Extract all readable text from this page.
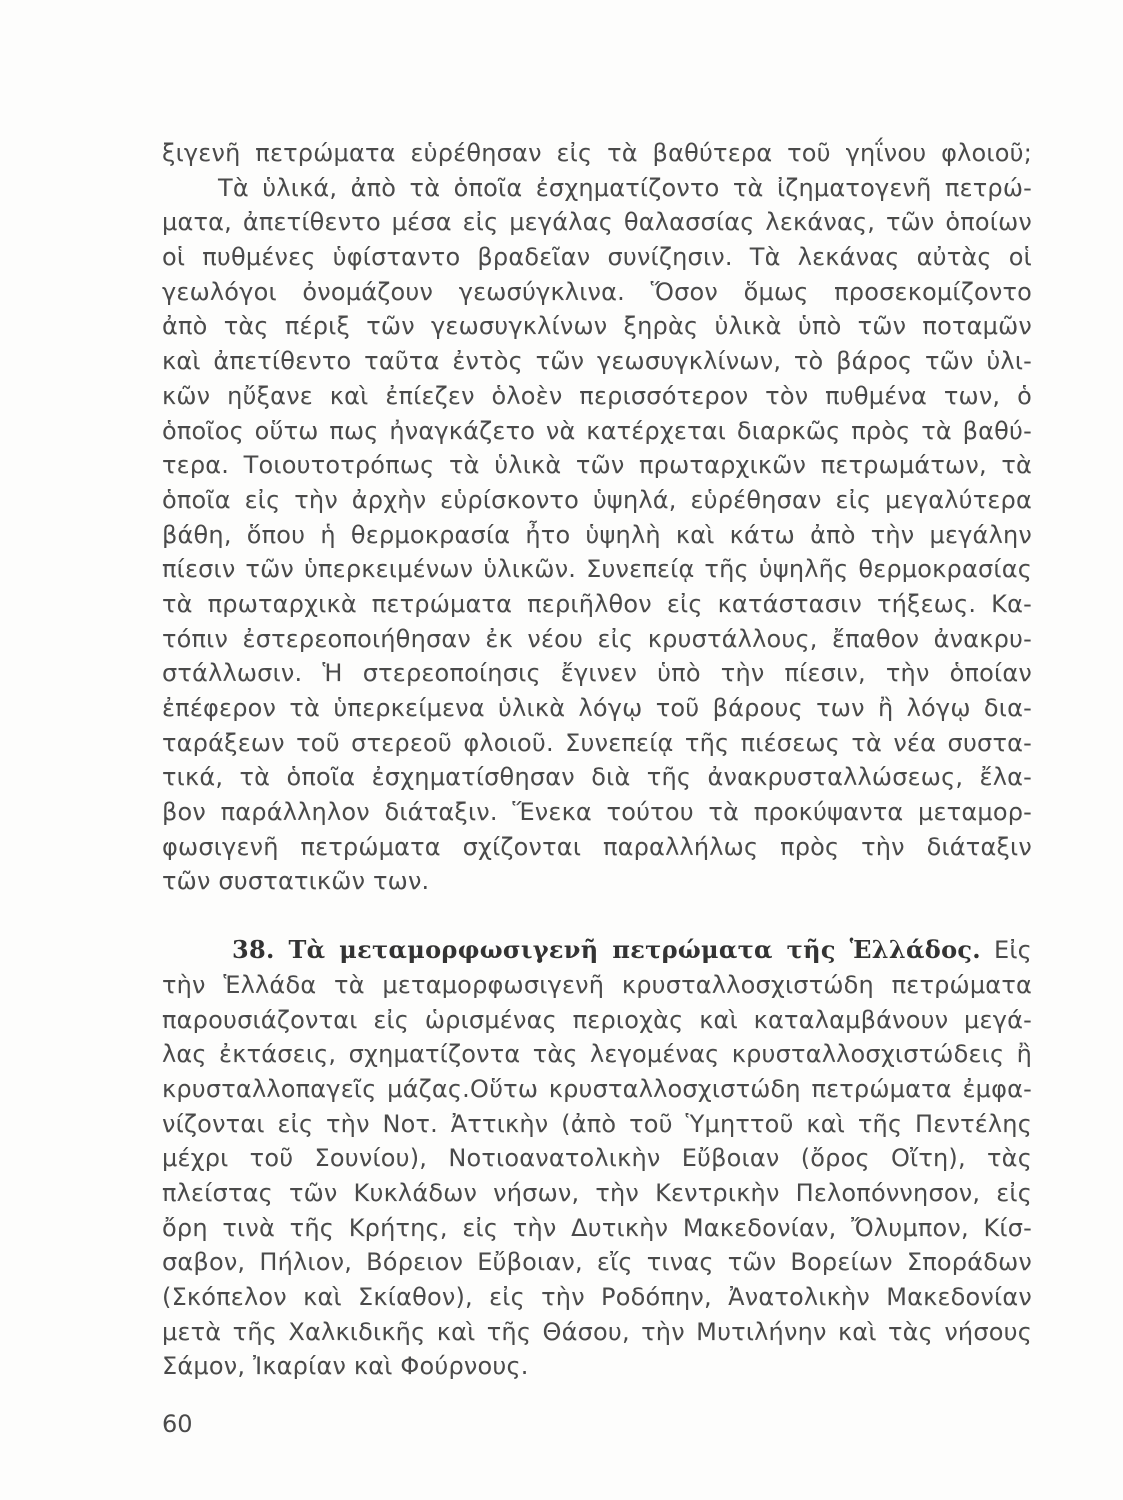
ξιγενῆ πετρώματα εὑρέθησαν εἰς τὰ βαθύτερα τοῦ γηΐνου φλοιοῦ;
Τὰ ὑλικά, ἀπὸ τὰ ὁποῖα ἐσχηματίζοντο τὰ ἰζηματογενῆ πετρώ-
ματα, ἀπετίθεντο μέσα εἰς μεγάλας θαλασσίας λεκάνας, τῶν ὁποίων
οἱ πυθμένες ὑφίσταντο βραδεῖαν συνίζησιν. Τὰ λεκάνας αὐτὰς οἱ
γεωλόγοι ὀνομάζουν γεωσύγκλινα. Ὅσον ὅμως προσεκομίζοντο
ἀπὸ τὰς πέριξ τῶν γεωσυγκλίνων ξηρὰς ὑλικὰ ὑπὸ τῶν ποταμῶν
καὶ ἀπετίθεντο ταῦτα ἐντὸς τῶν γεωσυγκλίνων, τὸ βάρος τῶν ὑλι-
κῶν ηὔξανε καὶ ἐπίεζεν ὁλοὲν περισσότερον τὸν πυθμένα των, ὁ
ὁποῖος οὕτω πως ἠναγκάζετο νὰ κατέρχεται διαρκῶς πρὸς τὰ βαθύ-
τερα. Τοιουτοτρόπως τὰ ὑλικὰ τῶν πρωταρχικῶν πετρωμάτων, τὰ
ὁποῖα εἰς τὴν ἀρχὴν εὑρίσκοντο ὑψηλά, εὑρέθησαν εἰς μεγαλύτερα
βάθη, ὅπου ἡ θερμοκρασία ἦτο ὑψηλὴ καὶ κάτω ἀπὸ τὴν μεγάλην
πίεσιν τῶν ὑπερκειμένων ὑλικῶν. Συνεπείᾳ τῆς ὑψηλῆς θερμοκρασίας
τὰ πρωταρχικὰ πετρώματα περιῆλθον εἰς κατάστασιν τήξεως. Κα-
τόπιν ἐστερεοποιήθησαν ἐκ νέου εἰς κρυστάλλους, ἔπαθον ἀνακρυ-
στάλλωσιν. Ἡ στερεοποίησις ἔγινεν ὑπὸ τὴν πίεσιν, τὴν ὁποίαν
ἐπέφερον τὰ ὑπερκείμενα ὑλικὰ λόγῳ τοῦ βάρους των ἢ λόγῳ δια-
ταράξεων τοῦ στερεοῦ φλοιοῦ. Συνεπείᾳ τῆς πιέσεως τὰ νέα συστα-
τικά, τὰ ὁποῖα ἐσχηματίσθησαν διὰ τῆς ἀνακρυσταλλώσεως, ἔλα-
βον παράλληλον διάταξιν. Ἕνεκα τούτου τὰ προκύψαντα μεταμορ-
φωσιγενῆ πετρώματα σχίζονται παραλλήλως πρὸς τὴν διάταξιν
τῶν συστατικῶν των.
38. Τὰ μεταμορφωσιγενῆ πετρώματα τῆς Ἑλλάδος. Εἰς
τὴν Ἑλλάδα τὰ μεταμορφωσιγενῆ κρυσταλλοσχιστώδη πετρώματα
παρουσιάζονται εἰς ὡρισμένας περιοχὰς καὶ καταλαμβάνουν μεγά-
λας ἐκτάσεις, σχηματίζοντα τὰς λεγομένας κρυσταλλοσχιστώδεις ἢ
κρυσταλλοπαγεῖς μάζας.Οὕτω κρυσταλλοσχιστώδη πετρώματα ἐμφα-
νίζονται εἰς τὴν Νοτ. Ἀττικὴν (ἀπὸ τοῦ Ὑμηττοῦ καὶ τῆς Πεντέλης
μέχρι τοῦ Σουνίου), Νοτιοανατολικὴν Εὔβοιαν (ὄρος Οἴτη), τὰς
πλείστας τῶν Κυκλάδων νήσων, τὴν Κεντρικὴν Πελοπόννησον, εἰς
ὄρη τινὰ τῆς Κρήτης, εἰς τὴν Δυτικὴν Μακεδονίαν, Ὄλυμπον, Κίσ-
σαβον, Πήλιον, Βόρειον Εὔβοιαν, εἴς τινας τῶν Βορείων Σποράδων
(Σκόπελον καὶ Σκίαθον), εἰς τὴν Ροδόπην, Ἀνατολικὴν Μακεδονίαν
μετὰ τῆς Χαλκιδικῆς καὶ τῆς Θάσου, τὴν Μυτιλήνην καὶ τὰς νήσους
Σάμον, Ἰκαρίαν καὶ Φούρνους.
60
